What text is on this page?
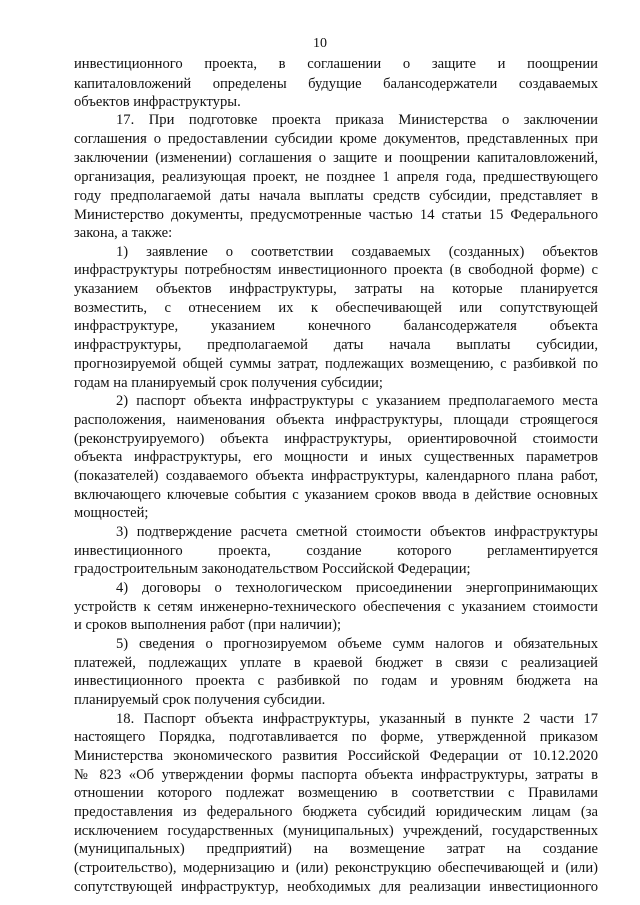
10
инвестиционного проекта, в соглашении о защите и поощрении
капиталовложений определены будущие балансодержатели создаваемых
объектов инфраструктуры.
17. При подготовке проекта приказа Министерства о заключении
соглашения о предоставлении субсидии кроме документов, представленных при
заключении (изменении) соглашения о защите и поощрении капиталовложений,
организация, реализующая проект, не позднее 1 апреля года, предшествующего
году предполагаемой даты начала выплаты средств субсидии, представляет в
Министерство документы, предусмотренные частью 14 статьи 15 Федерального
закона, а также:
1) заявление о соответствии создаваемых (созданных) объектов
инфраструктуры потребностям инвестиционного проекта (в свободной форме) с
указанием объектов инфраструктуры, затраты на которые планируется
возместить, с отнесением их к обеспечивающей или сопутствующей
инфраструктуре, указанием конечного балансодержателя объекта
инфраструктуры, предполагаемой даты начала выплаты субсидии,
прогнозируемой общей суммы затрат, подлежащих возмещению, с разбивкой по
годам на планируемый срок получения субсидии;
2) паспорт объекта инфраструктуры с указанием предполагаемого места
расположения, наименования объекта инфраструктуры, площади строящегося
(реконструируемого) объекта инфраструктуры, ориентировочной стоимости
объекта инфраструктуры, его мощности и иных существенных параметров
(показателей) создаваемого объекта инфраструктуры, календарного плана работ,
включающего ключевые события с указанием сроков ввода в действие основных
мощностей;
3) подтверждение расчета сметной стоимости объектов инфраструктуры
инвестиционного проекта, создание которого регламентируется
градостроительным законодательством Российской Федерации;
4) договоры о технологическом присоединении энергопринимающих
устройств к сетям инженерно-технического обеспечения с указанием стоимости
и сроков выполнения работ (при наличии);
5) сведения о прогнозируемом объеме сумм налогов и обязательных
платежей, подлежащих уплате в краевой бюджет в связи с реализацией
инвестиционного проекта с разбивкой по годам и уровням бюджета на
планируемый срок получения субсидии.
18. Паспорт объекта инфраструктуры, указанный в пункте 2 части 17
настоящего Порядка, подготавливается по форме, утвержденной приказом
Министерства экономического развития Российской Федерации от 10.12.2020
№ 823 «Об утверждении формы паспорта объекта инфраструктуры, затраты в
отношении которого подлежат возмещению в соответствии с Правилами
предоставления из федерального бюджета субсидий юридическим лицам (за
исключением государственных (муниципальных) учреждений, государственных
(муниципальных) предприятий) на возмещение затрат на создание
(строительство), модернизацию и (или) реконструкцию обеспечивающей и (или)
сопутствующей инфраструктур, необходимых для реализации инвестиционного
